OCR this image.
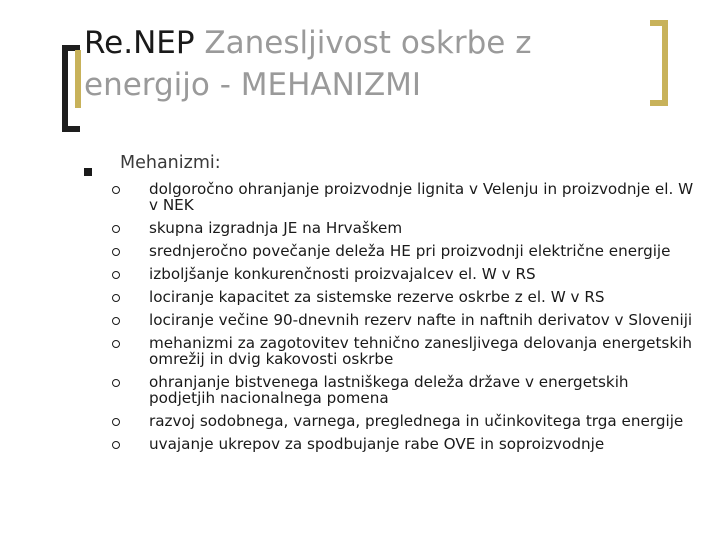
Re.NEP Zanesljivost oskrbe z energijo - MEHANIZMI
Mehanizmi:
dolgoročno ohranjanje proizvodnje lignita v Velenju in proizvodnje el. W v NEK
skupna izgradnja JE na Hrvaškem
srednjeročno povečanje deleža HE pri proizvodnji električne energije
izboljšanje konkurenčnosti proizvajalcev el. W v RS
lociranje kapacitet za sistemske rezerve oskrbe z el. W v RS
lociranje večine 90-dnevnih rezerv nafte in naftnih derivatov v Sloveniji
mehanizmi za zagotovitev tehnično zanesljivega delovanja energetskih omrežij in dvig kakovosti oskrbe
ohranjanje bistvenega lastniškega deleža države v energetskih podjetjih nacionalnega pomena
razvoj sodobnega, varnega, preglednega in učinkovitega trga energije
uvajanje ukrepov za spodbujanje rabe OVE in soproizvodnje
